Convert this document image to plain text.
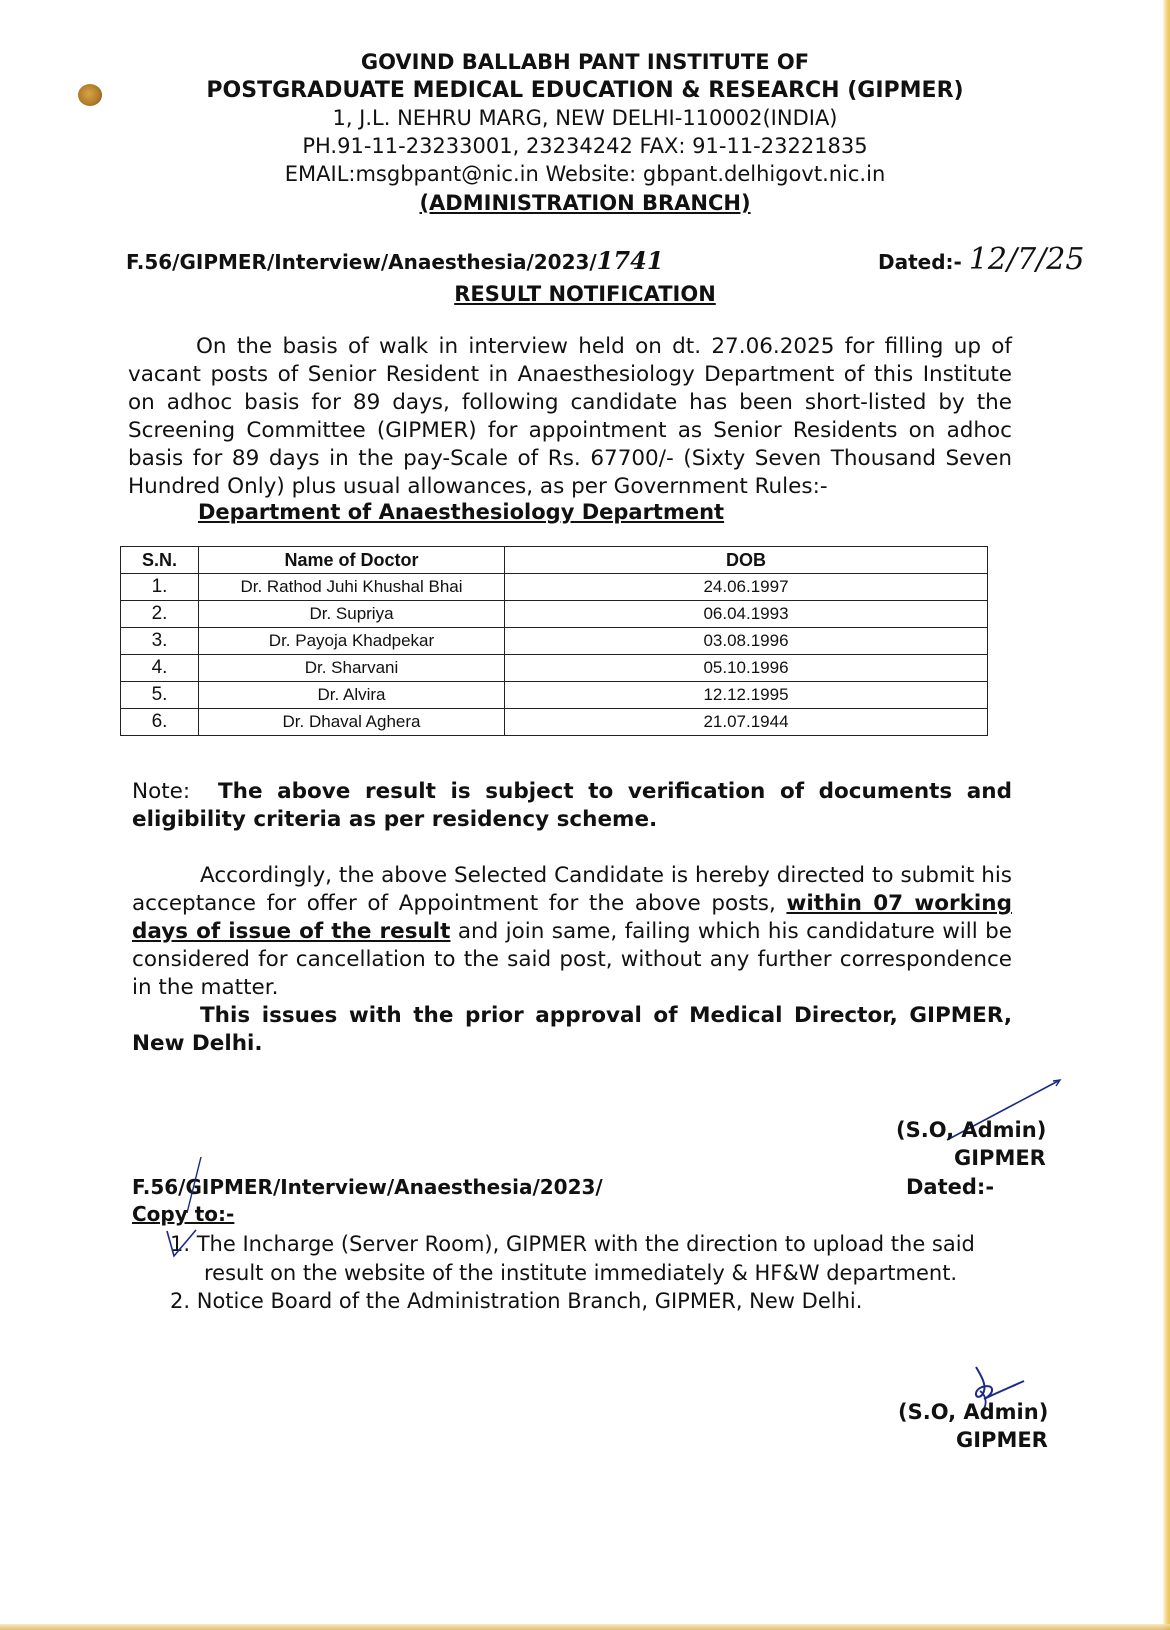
GOVIND BALLABH PANT INSTITUTE OF
POSTGRADUATE MEDICAL EDUCATION & RESEARCH (GIPMER)
1, J.L. NEHRU MARG, NEW DELHI-110002(INDIA)
PH.91-11-23233001, 23234242 FAX: 91-11-23221835
EMAIL:msgbpant@nic.in Website: gbpant.delhigovt.nic.in
(ADMINISTRATION BRANCH)
F.56/GIPMER/Interview/Anaesthesia/2023/1741	Dated:- 12/7/25
RESULT NOTIFICATION

On the basis of walk in interview held on dt. 27.06.2025 for filling up of vacant posts of Senior Resident in Anaesthesiology Department of this Institute on adhoc basis for 89 days, following candidate has been short-listed by the Screening Committee (GIPMER) for appointment as Senior Residents on adhoc basis for 89 days in the pay-Scale of Rs. 67700/- (Sixty Seven Thousand Seven Hundred Only) plus usual allowances, as per Government Rules:-

Department of Anaesthesiology Department
S.N.	Name of Doctor	DOB
1.	Dr. Rathod Juhi Khushal Bhai	24.06.1997
2.	Dr. Supriya	06.04.1993
3.	Dr. Payoja Khadpekar	03.08.1996
4.	Dr. Sharvani	05.10.1996
5.	Dr. Alvira	12.12.1995
6.	Dr. Dhaval Aghera	21.07.1944

Note: The above result is subject to verification of documents and eligibility criteria as per residency scheme.

Accordingly, the above Selected Candidate is hereby directed to submit his acceptance for offer of Appointment for the above posts, within 07 working days of issue of the result and join same, failing which his candidature will be considered for cancellation to the said post, without any further correspondence in the matter.

This issues with the prior approval of Medical Director, GIPMER, New Delhi.

(S.O, Admin)
GIPMER
F.56/GIPMER/Interview/Anaesthesia/2023/	Dated:-
Copy to:-
1. The Incharge (Server Room), GIPMER with the direction to upload the said
result on the website of the institute immediately & HF&W department.
2. Notice Board of the Administration Branch, GIPMER, New Delhi.
(S.O, Admin)
GIPMER
